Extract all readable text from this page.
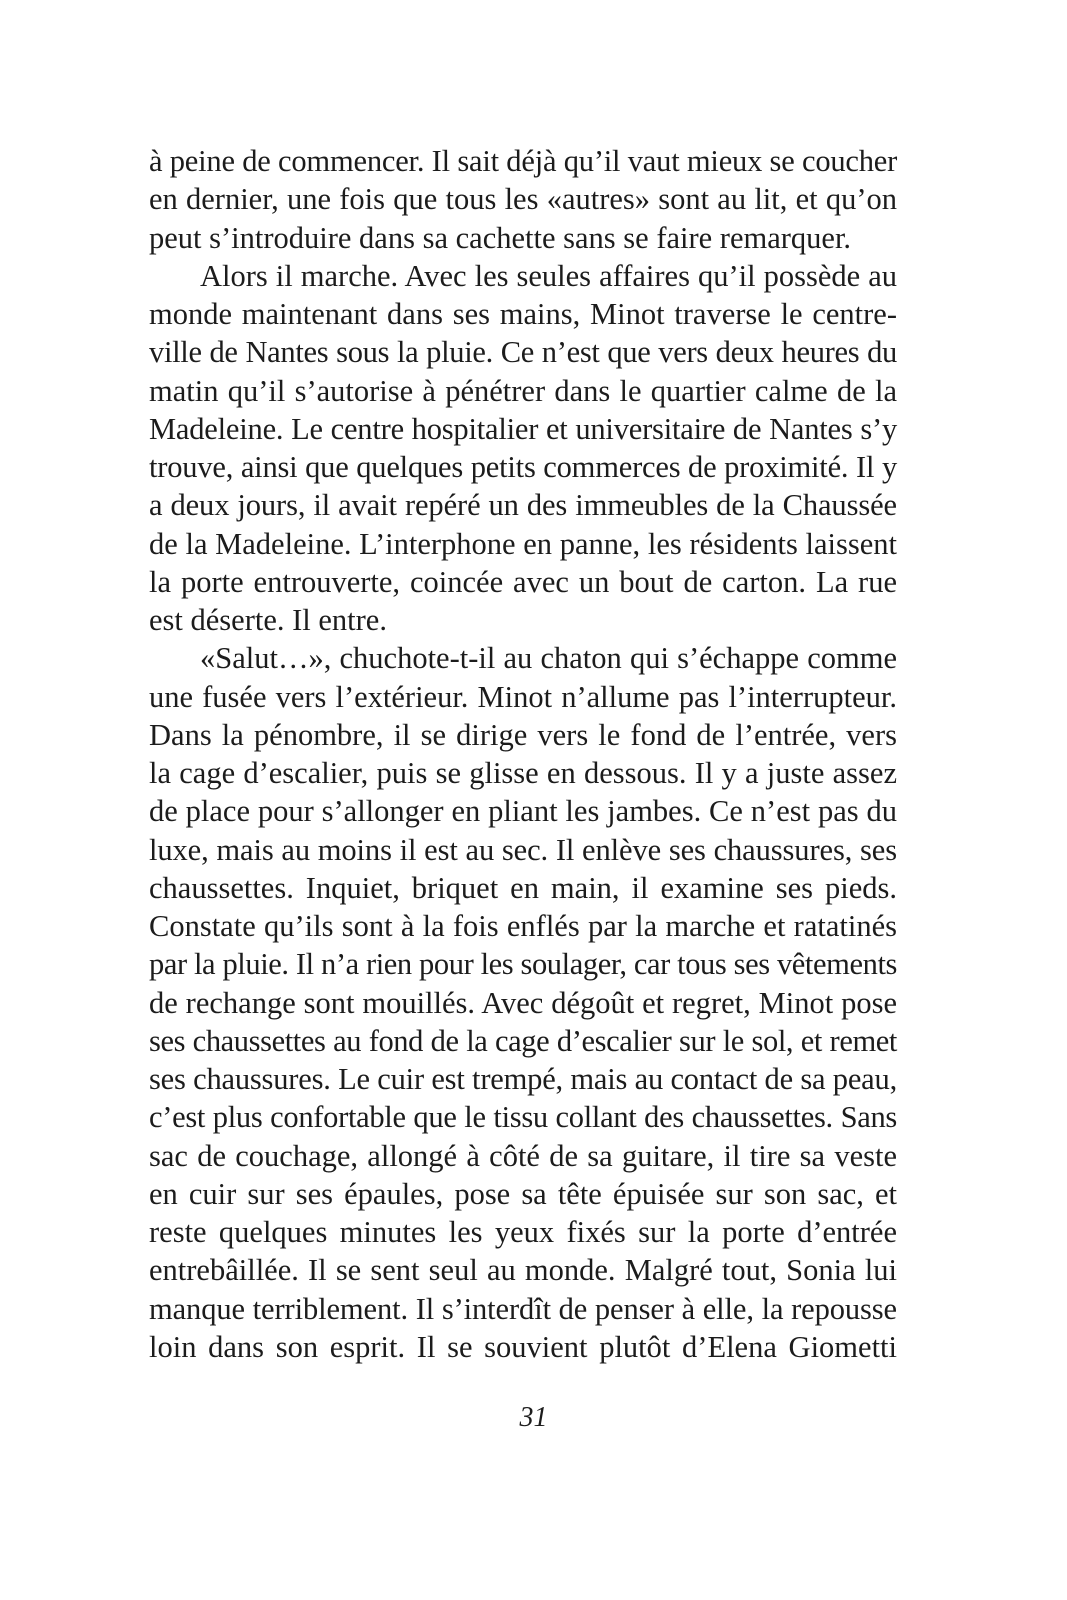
à peine de commencer. Il sait déjà qu’il vaut mieux se coucher
en dernier, une fois que tous les «autres» sont au lit, et qu’on
peut s’introduire dans sa cachette sans se faire remarquer.
Alors il marche. Avec les seules affaires qu’il possède au
monde maintenant dans ses mains, Minot traverse le centre-
ville de Nantes sous la pluie. Ce n’est que vers deux heures du
matin qu’il s’autorise à pénétrer dans le quartier calme de la
Madeleine. Le centre hospitalier et universitaire de Nantes s’y
trouve, ainsi que quelques petits commerces de proximité. Il y
a deux jours, il avait repéré un des immeubles de la Chaussée
de la Madeleine. L’interphone en panne, les résidents laissent
la porte entrouverte, coincée avec un bout de carton. La rue
est déserte. Il entre.
«Salut…», chuchote-t-il au chaton qui s’échappe comme
une fusée vers l’extérieur. Minot n’allume pas l’interrupteur.
Dans la pénombre, il se dirige vers le fond de l’entrée, vers
la cage d’escalier, puis se glisse en dessous. Il y a juste assez
de place pour s’allonger en pliant les jambes. Ce n’est pas du
luxe, mais au moins il est au sec. Il enlève ses chaussures, ses
chaussettes. Inquiet, briquet en main, il examine ses pieds.
Constate qu’ils sont à la fois enflés par la marche et ratatinés
par la pluie. Il n’a rien pour les soulager, car tous ses vêtements
de rechange sont mouillés. Avec dégoût et regret, Minot pose
ses chaussettes au fond de la cage d’escalier sur le sol, et remet
ses chaussures. Le cuir est trempé, mais au contact de sa peau,
c’est plus confortable que le tissu collant des chaussettes. Sans
sac de couchage, allongé à côté de sa guitare, il tire sa veste
en cuir sur ses épaules, pose sa tête épuisée sur son sac, et
reste quelques minutes les yeux fixés sur la porte d’entrée
entrebâillée. Il se sent seul au monde. Malgré tout, Sonia lui
manque terriblement. Il s’interdît de penser à elle, la repousse
loin dans son esprit. Il se souvient plutôt d’Elena Giometti
31
